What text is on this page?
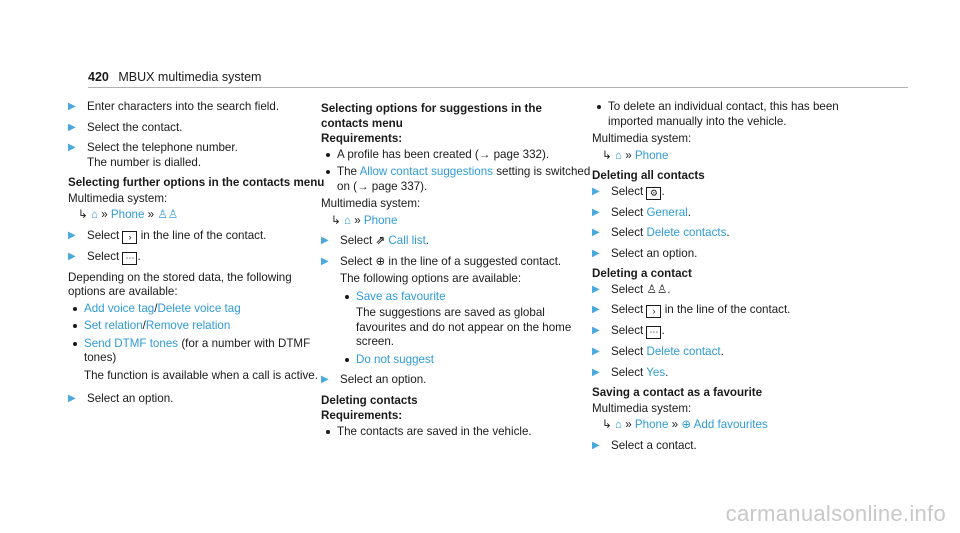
420 MBUX multimedia system
▶ Enter characters into the search field.
▶ Select the contact.
▶ Select the telephone number.
The number is dialled.
Selecting further options in the contacts menu
Multimedia system:
↳ ⌂ » Phone » ♙♙
▶ Select › in the line of the contact.
▶ Select ⋯ .
Depending on the stored data, the following options are available:
Add voice tag/Delete voice tag
Set relation/Remove relation
Send DTMF tones (for a number with DTMF tones)
The function is available when a call is active.
▶ Select an option.
Selecting options for suggestions in the contacts menu
Requirements:
A profile has been created (→ page 332).
The Allow contact suggestions setting is switched on (→ page 337).
Multimedia system:
↳ ⌂ » Phone
▶ Select ⇗ Call list.
▶ Select ⊕ in the line of a suggested contact.
The following options are available:
Save as favourite
The suggestions are saved as global favourites and do not appear on the home screen.
Do not suggest
▶ Select an option.
Deleting contacts
Requirements:
The contacts are saved in the vehicle.
To delete an individual contact, this has been imported manually into the vehicle.
Multimedia system:
↳ ⌂ » Phone
Deleting all contacts
▶ Select ⚙ .
▶ Select General.
▶ Select Delete contacts.
▶ Select an option.
Deleting a contact
▶ Select ♙♙.
▶ Select › in the line of the contact.
▶ Select ⋯ .
▶ Select Delete contact.
▶ Select Yes.
Saving a contact as a favourite
Multimedia system:
↳ ⌂ » Phone » ⊕ Add favourites
▶ Select a contact.
carmanualsonline.info
